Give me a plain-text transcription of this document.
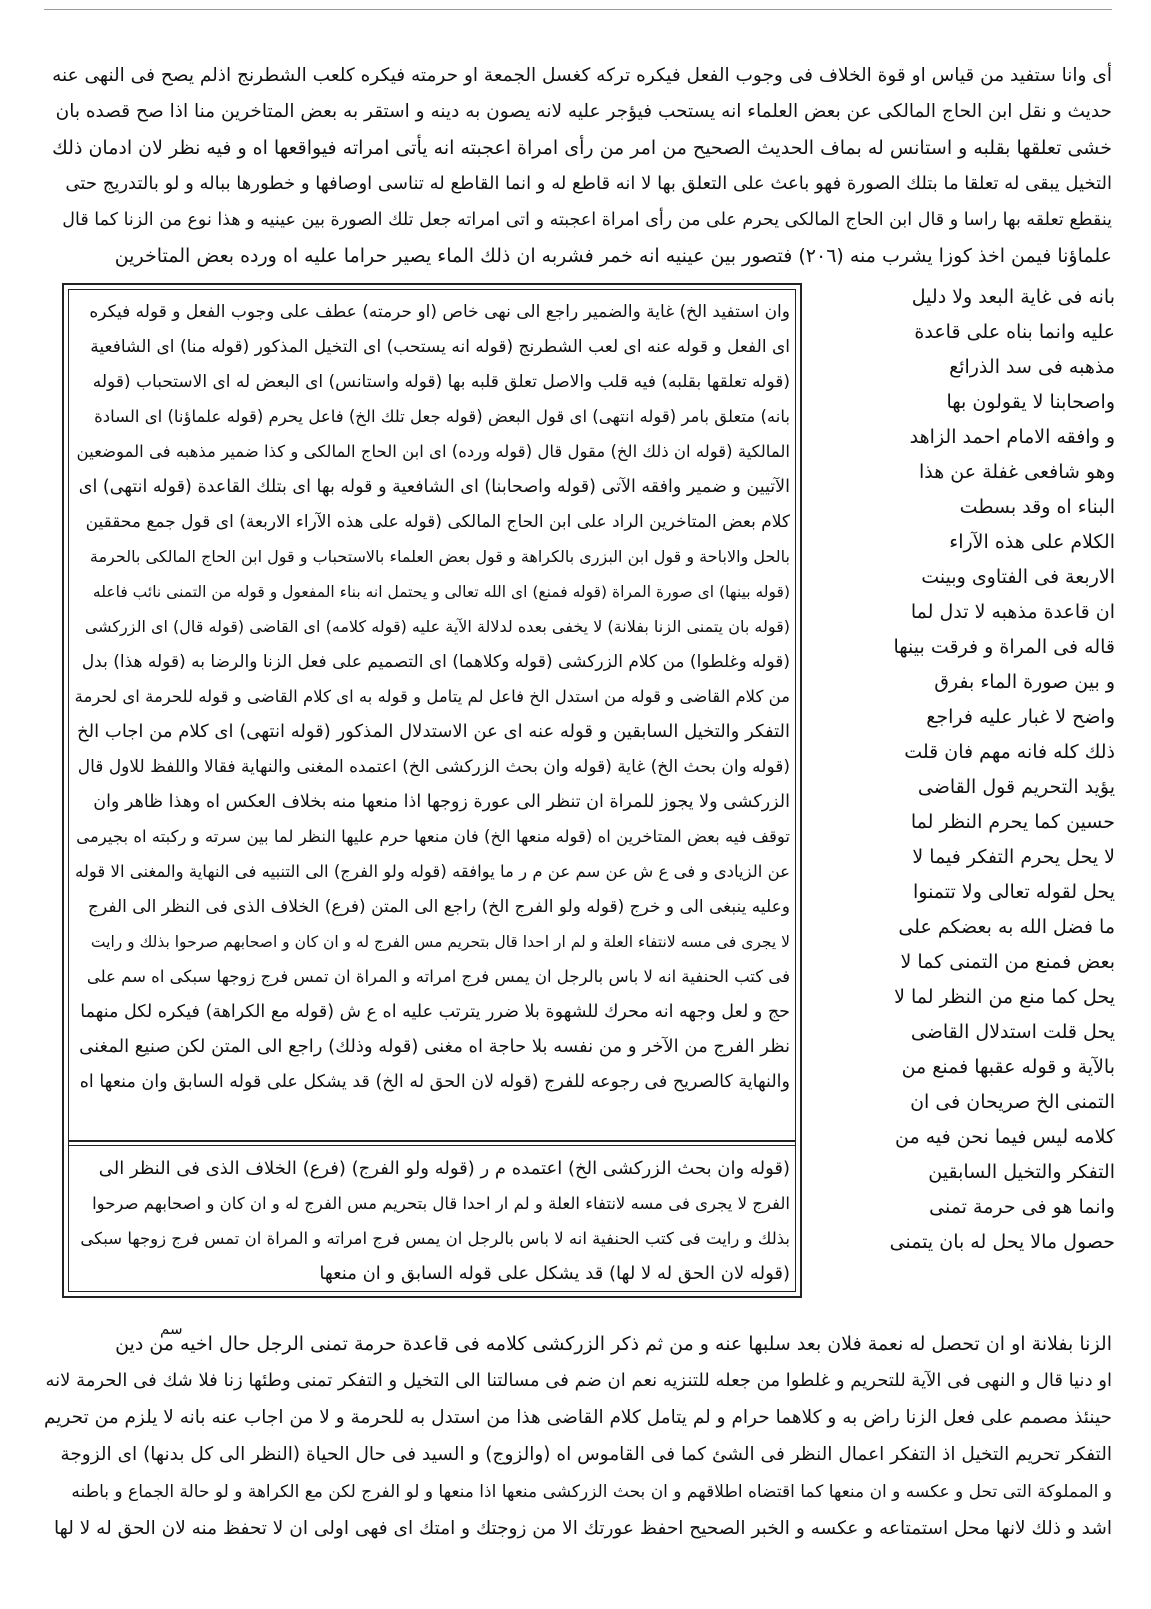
أى وانا ستفيد من قياس او قوة الخلاف فى وجوب الفعل فيكره تركه كغسل الجمعة او حرمته فيكره كلعب الشطرنج اذلم يصح فى النهى عنه
حديث و نقل ابن الحاج المالكى عن بعض العلماء انه يستحب فيؤجر عليه لانه يصون به دينه و استقر به بعض المتاخرين منا اذا صح قصده بان
خشى تعلقها بقلبه و استانس له بماف الحديث الصحيح من امر من رأى امراة اعجبته انه يأتى امراته فيواقعها اه و فيه نظر لان ادمان ذلك
التخيل يبقى له تعلقا ما بتلك الصورة فهو باعث على التعلق بها لا انه قاطع له و انما القاطع له تناسى اوصافها و خطورها بباله و لو بالتدريج حتى
ينقطع تعلقه بها راسا و قال ابن الحاج المالكى يحرم على من رأى امراة اعجبته و اتى امراته جعل تلك الصورة بين عينيه و هذا نوع من الزنا كما قال
علماؤنا فيمن اخذ كوزا يشرب منه (٢٠٦) فتصور بين عينيه انه خمر فشربه ان ذلك الماء يصير حراما عليه اه ورده بعض المتاخرين
بانه فى غاية البعد ولا دليل
عليه وانما بناه على قاعدة
مذهبه فى سد الذرائع
واصحابنا لا يقولون بها
و وافقه الامام احمد الزاهد
وهو شافعى غفلة عن هذا
البناء اه وقد بسطت
الكلام على هذه الآراء
الاربعة فى الفتاوى وبينت
ان قاعدة مذهبه لا تدل لما
قاله فى المراة و فرقت بينها
و بين صورة الماء بفرق
واضح لا غبار عليه فراجع
ذلك كله فانه مهم فان قلت
يؤيد التحريم قول القاضى
حسين كما يحرم النظر لما
لا يحل يحرم التفكر فيما لا
يحل لقوله تعالى ولا تتمنوا
ما فضل الله به بعضكم على
بعض فمنع من التمنى كما لا
يحل كما منع من النظر لما لا
يحل قلت استدلال القاضى
بالآية و قوله عقبها فمنع من
التمنى الخ صريحان فى ان
كلامه ليس فيما نحن فيه من
التفكر والتخيل السابقين
وانما هو فى حرمة تمنى
حصول مالا يحل له بان يتمنى
وان استفيد الخ) غاية والضمير راجع الى نهى خاص (او حرمته) عطف على وجوب الفعل و قوله فيكره
اى الفعل و قوله عنه اى لعب الشطرنج (قوله انه يستحب) اى التخيل المذكور (قوله منا) اى الشافعية
(قوله تعلقها بقلبه) فيه قلب والاصل تعلق قلبه بها (قوله واستانس) اى البعض له اى الاستحباب (قوله
بانه) متعلق بامر (قوله انتهى) اى قول البعض (قوله جعل تلك الخ) فاعل يحرم (قوله علماؤنا) اى السادة
المالكية (قوله ان ذلك الخ) مقول قال (قوله ورده) اى ابن الحاج المالكى و كذا ضمير مذهبه فى الموضعين
الآتيين و ضمير وافقه الآتى (قوله واصحابنا) اى الشافعية و قوله بها اى بتلك القاعدة (قوله انتهى) اى
كلام بعض المتاخرين الراد على ابن الحاج المالكى (قوله على هذه الآراء الاربعة) اى قول جمع محققين
بالحل والاباحة و قول ابن البزرى بالكراهة و قول بعض العلماء بالاستحباب و قول ابن الحاج المالكى بالحرمة
(قوله بينها) اى صورة المراة (قوله فمنع) اى الله تعالى و يحتمل انه بناء المفعول و قوله من التمنى نائب فاعله
(قوله بان يتمنى الزنا بفلانة) لا يخفى بعده لدلالة الآية عليه (قوله كلامه) اى القاضى (قوله قال) اى الزركشى
(قوله وغلطوا) من كلام الزركشى (قوله وكلاهما) اى التصميم على فعل الزنا والرضا به (قوله هذا) بدل
من كلام القاضى و قوله من استدل الخ فاعل لم يتامل و قوله به اى كلام القاضى و قوله للحرمة اى لحرمة
التفكر والتخيل السابقين و قوله عنه اى عن الاستدلال المذكور (قوله انتهى) اى كلام من اجاب الخ
(قوله وان بحث الخ) غاية (قوله وان بحث الزركشى الخ) اعتمده المغنى والنهاية فقالا واللفظ للاول قال
الزركشى ولا يجوز للمراة ان تنظر الى عورة زوجها اذا منعها منه بخلاف العكس اه وهذا ظاهر وان
توقف فيه بعض المتاخرين اه (قوله منعها الخ) فان منعها حرم عليها النظر لما بين سرته و ركبته اه بجيرمى
عن الزيادى و فى ع ش عن سم عن م ر ما يوافقه (قوله ولو الفرج) الى التنبيه فى النهاية والمغنى الا قوله
وعليه ينبغى الى و خرج (قوله ولو الفرج الخ) راجع الى المتن (فرع) الخلاف الذى فى النظر الى الفرج
لا يجرى فى مسه لانتفاء العلة و لم ار احدا قال بتحريم مس الفرج له و ان كان و اصحابهم صرحوا بذلك و رايت
فى كتب الحنفية انه لا باس بالرجل ان يمس فرج امراته و المراة ان تمس فرج زوجها سبكى اه سم على
حج و لعل وجهه انه محرك للشهوة بلا ضرر يترتب عليه اه ع ش (قوله مع الكراهة) فيكره لكل منهما
نظر الفرج من الآخر و من نفسه بلا حاجة اه مغنى (قوله وذلك) راجع الى المتن لكن صنيع المغنى
والنهاية كالصريح فى رجوعه للفرج (قوله لان الحق له الخ) قد يشكل على قوله السابق وان منعها اه
(قوله وان بحث الزركشى الخ) اعتمده م ر (قوله ولو الفرج) (فرع) الخلاف الذى فى النظر الى
الفرج لا يجرى فى مسه لانتفاء العلة و لم ار احدا قال بتحريم مس الفرج له و ان كان و اصحابهم صرحوا
بذلك و رايت فى كتب الحنفية انه لا باس بالرجل ان يمس فرج امراته و المراة ان تمس فرج زوجها سبكى
(قوله لان الحق له لا لها) قد يشكل على قوله السابق و ان منعها
الزنا بفلانة او ان تحصل له نعمة فلان بعد سلبها عنه و من ثم ذكر الزركشى كلامه فى قاعدة حرمة تمنى الرجل حال اخيه من دين
سم
او دنيا قال و النهى فى الآية للتحريم و غلطوا من جعله للتنزيه نعم ان ضم فى مسالتنا الى التخيل و التفكر تمنى وطئها زنا فلا شك فى الحرمة لانه
حينئذ مصمم على فعل الزنا راض به و كلاهما حرام و لم يتامل كلام القاضى هذا من استدل به للحرمة و لا من اجاب عنه بانه لا يلزم من تحريم
التفكر تحريم التخيل اذ التفكر اعمال النظر فى الشئ كما فى القاموس اه (والزوج) و السيد فى حال الحياة (النظر الى كل بدنها) اى الزوجة
و المملوكة التى تحل و عكسه و ان منعها كما اقتضاه اطلاقهم و ان بحث الزركشى منعها اذا منعها و لو الفرج لكن مع الكراهة و لو حالة الجماع و باطنه
اشد و ذلك لانها محل استمتاعه و عكسه و الخبر الصحيح احفظ عورتك الا من زوجتك و امتك اى فهى اولى ان لا تحفظ منه لان الحق له لا لها
